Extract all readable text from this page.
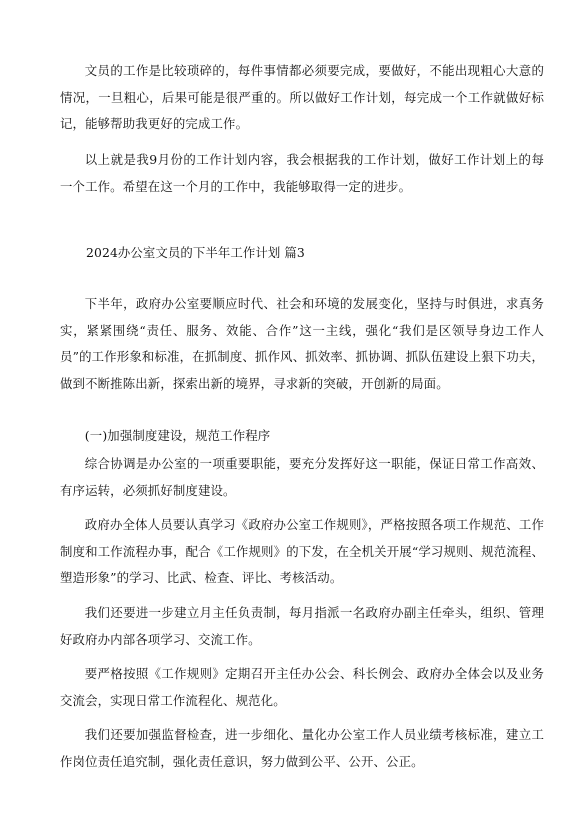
文员的工作是比较琐碎的，每件事情都必须要完成，要做好，不能出现粗心大意的情况，一旦粗心，后果可能是很严重的。所以做好工作计划，每完成一个工作就做好标记，能够帮助我更好的完成工作。

以上就是我9月份的工作计划内容，我会根据我的工作计划，做好工作计划上的每一个工作。希望在这一个月的工作中，我能够取得一定的进步。

2024办公室文员的下半年工作计划 篇3

下半年，政府办公室要顺应时代、社会和环境的发展变化，坚持与时俱进，求真务实，紧紧围绕“责任、服务、效能、合作”这一主线，强化“我们是区领导身边工作人员”的工作形象和标准，在抓制度、抓作风、抓效率、抓协调、抓队伍建设上狠下功夫，做到不断推陈出新，探索出新的境界，寻求新的突破，开创新的局面。

(一)加强制度建设，规范工作程序

综合协调是办公室的一项重要职能，要充分发挥好这一职能，保证日常工作高效、有序运转，必须抓好制度建设。

政府办全体人员要认真学习《政府办公室工作规则》，严格按照各项工作规范、工作制度和工作流程办事，配合《工作规则》的下发，在全机关开展“学习规则、规范流程、塑造形象”的学习、比武、检查、评比、考核活动。

我们还要进一步建立月主任负责制，每月指派一名政府办副主任牵头，组织、管理好政府办内部各项学习、交流工作。

要严格按照《工作规则》定期召开主任办公会、科长例会、政府办全体会以及业务交流会，实现日常工作流程化、规范化。

我们还要加强监督检查，进一步细化、量化办公室工作人员业绩考核标准，建立工作岗位责任追究制，强化责任意识，努力做到公平、公开、公正。
